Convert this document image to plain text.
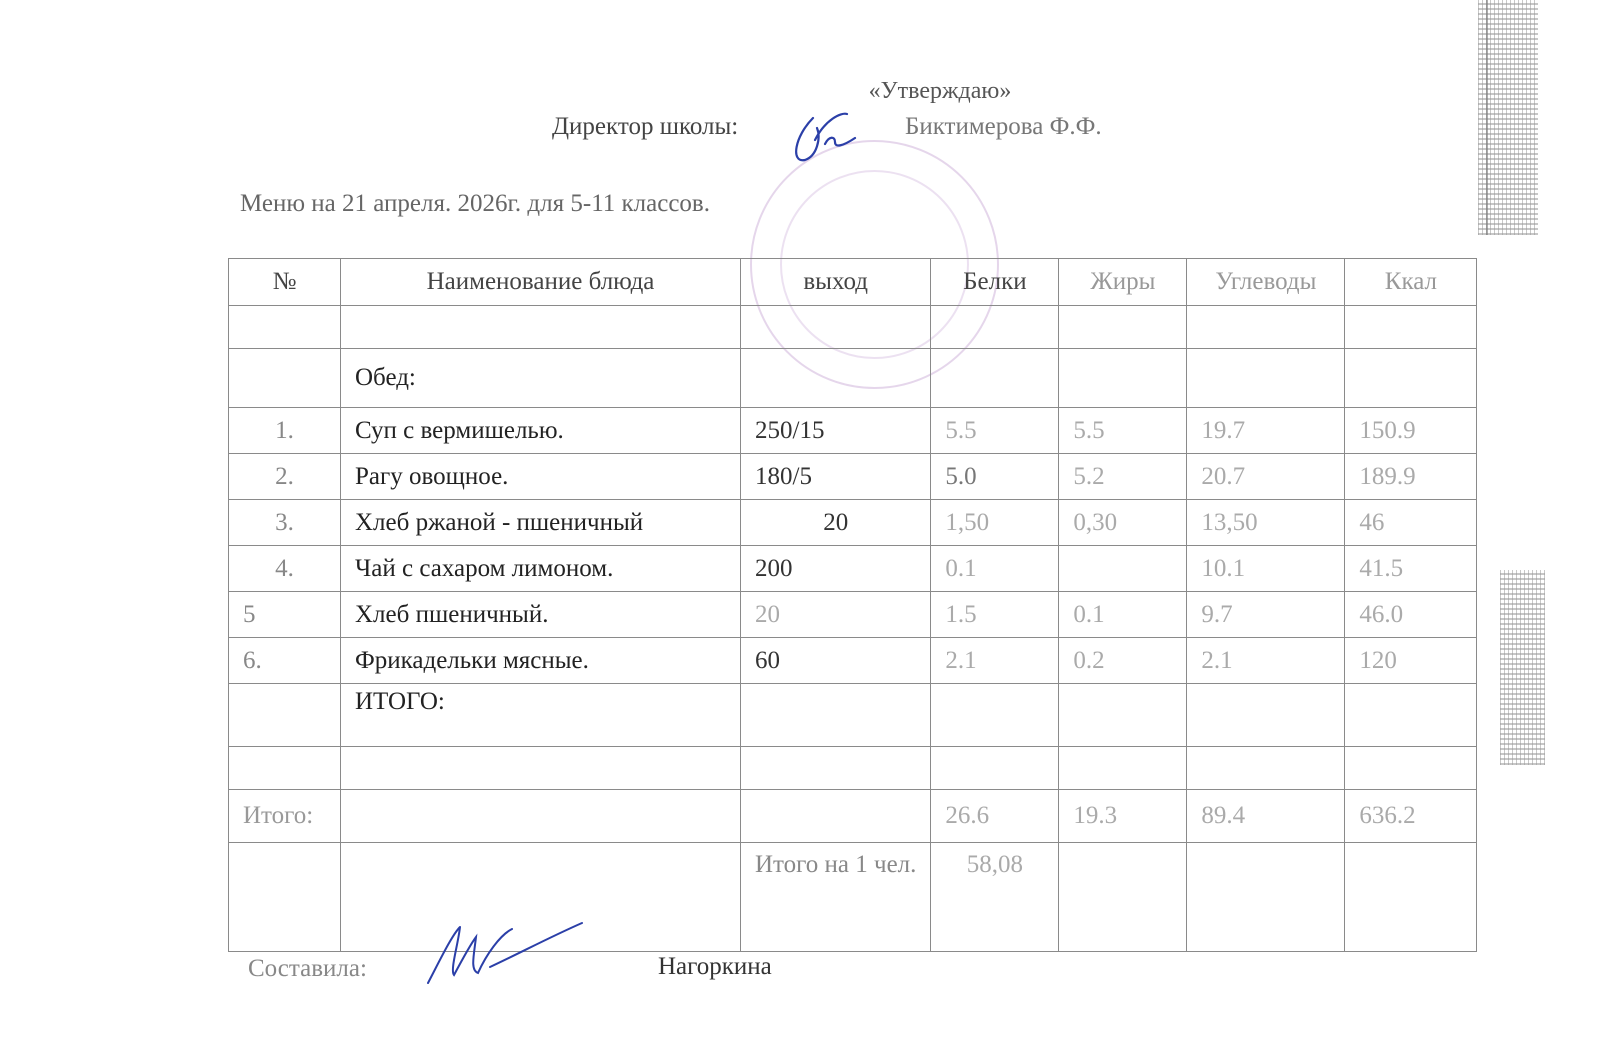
«Утверждаю»
Директор школы:	Биктимерова Ф.Ф.
Меню на 21 апреля. 2026г. для 5-11 классов.
№	Наименование блюда	выход	Белки	Жиры	Углеводы	Ккал

	Обед:					
1.	Суп с вермишелью.	250/15	5.5	5.5	19.7	150.9
2.	Рагу овощное.	180/5	5.0	5.2	20.7	189.9
3.	Хлеб ржаной - пшеничный	20	1,50	0,30	13,50	46
4.	Чай с сахаром лимоном.	200	0.1		10.1	41.5
5	Хлеб пшеничный.	20	1.5	0.1	9.7	46.0
6.	Фрикадельки мясные.	60	2.1	0.2	2.1	120
	ИТОГО:					

Итого:			26.6	19.3	89.4	636.2
		Итого на 1 чел.	58,08			
Составила:	Нагоркина
